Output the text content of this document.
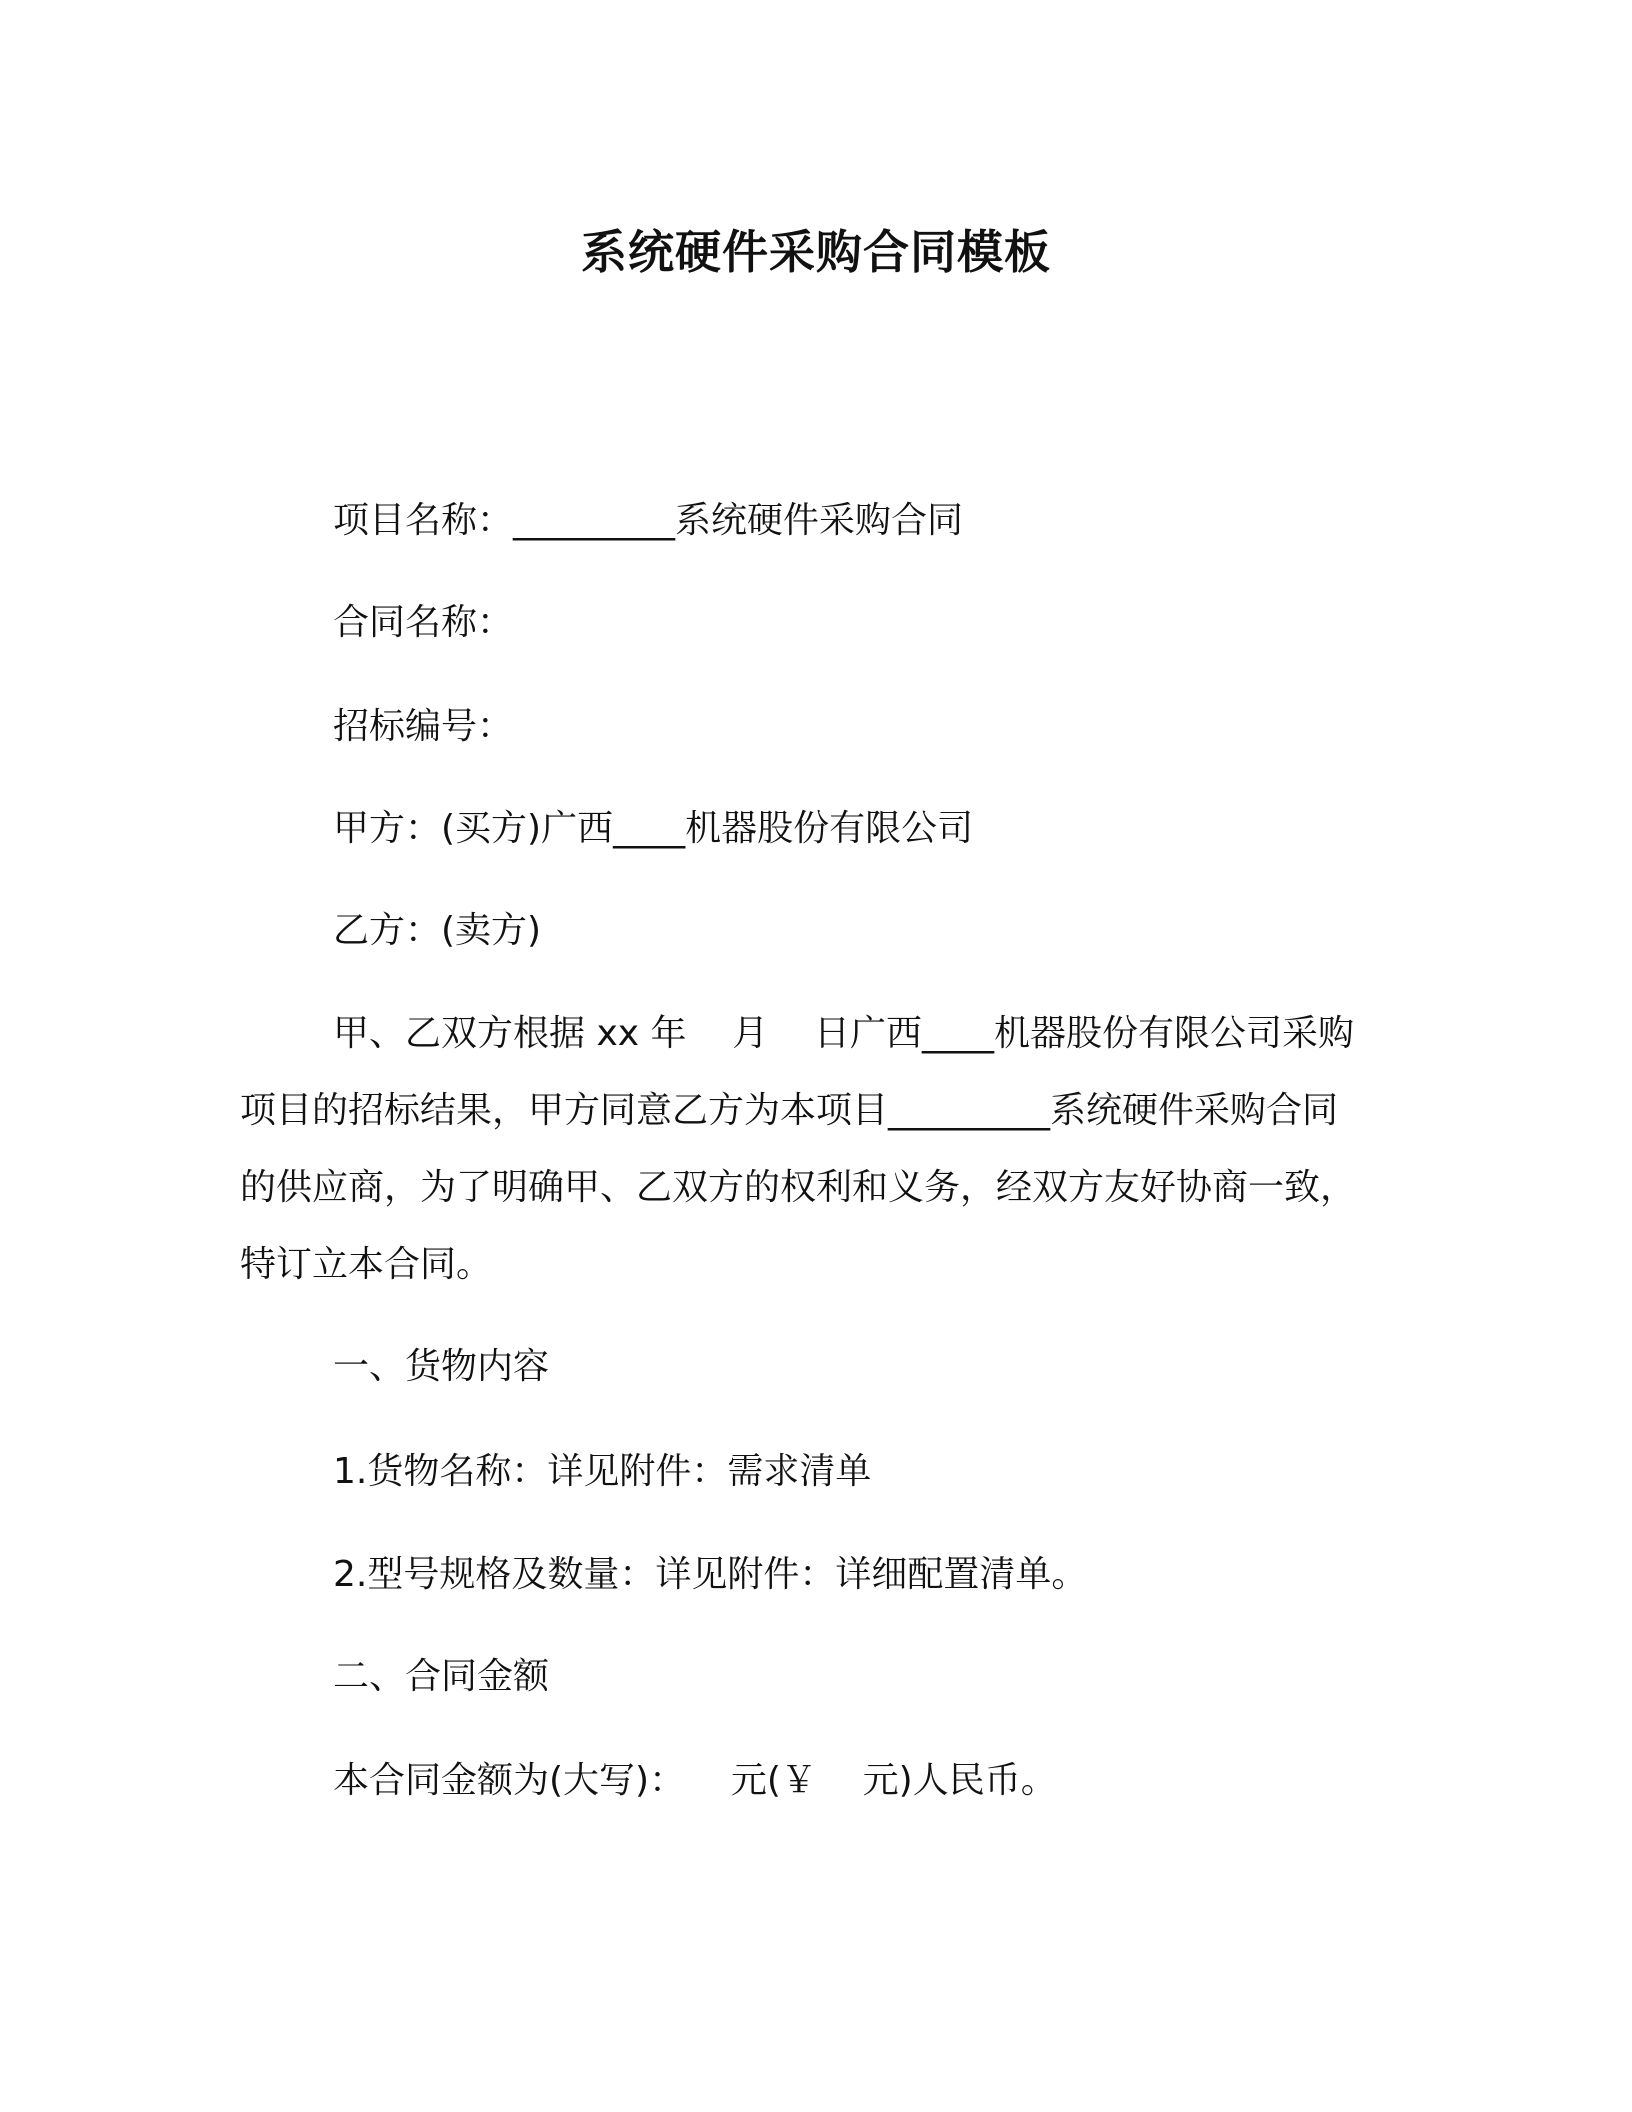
系统硬件采购合同模板
项目名称：_________系统硬件采购合同
合同名称：
招标编号：
甲方：(买方)广西____机器股份有限公司
乙方：(卖方)
甲、乙双方根据 xx 年    月    日广西____机器股份有限公司采购
项目的招标结果，甲方同意乙方为本项目_________系统硬件采购合同
的供应商，为了明确甲、乙双方的权利和义务，经双方友好协商一致，
特订立本合同。
一、货物内容
1.货物名称：详见附件：需求清单
2.型号规格及数量：详见附件：详细配置清单。
二、合同金额
本合同金额为(大写)：    元(￥    元)人民币。
